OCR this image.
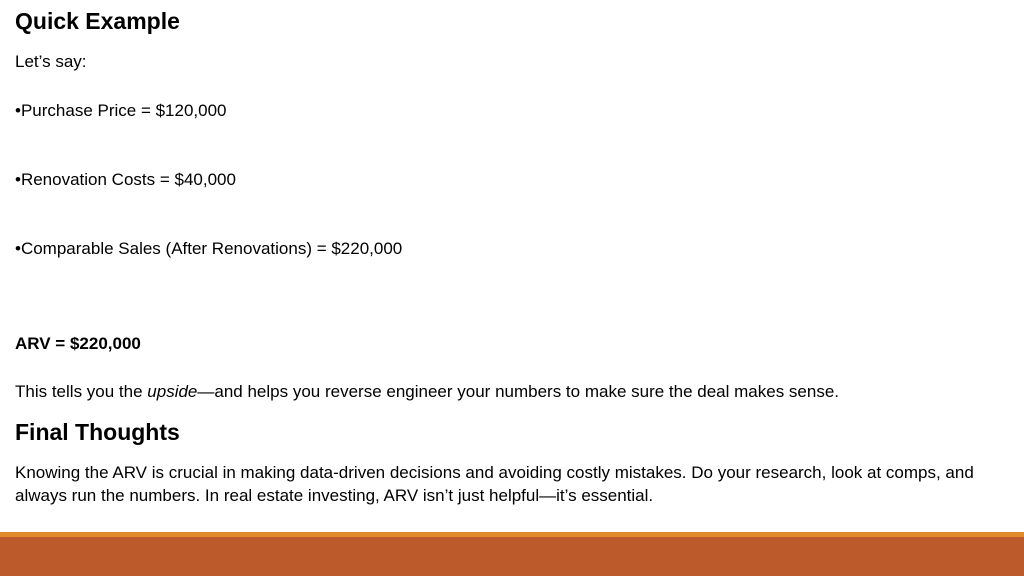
Quick Example
Let’s say:
•Purchase Price = $120,000
•Renovation Costs = $40,000
•Comparable Sales (After Renovations) = $220,000
ARV = $220,000
This tells you the upside—and helps you reverse engineer your numbers to make sure the deal makes sense.
Final Thoughts
Knowing the ARV is crucial in making data-driven decisions and avoiding costly mistakes. Do your research, look at comps, and always run the numbers. In real estate investing, ARV isn’t just helpful—it’s essential.
